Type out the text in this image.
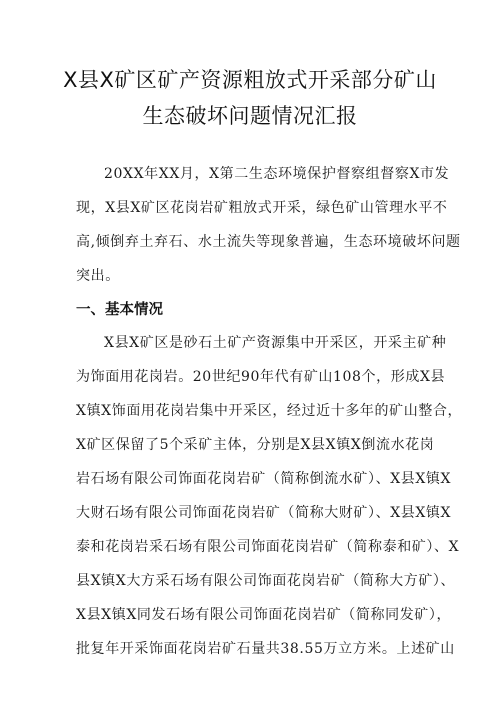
X县X矿区矿产资源粗放式开采部分矿山
生态破坏问题情况汇报
20XX年XX月，X第二生态环境保护督察组督察X市发
现，X县X矿区花岗岩矿粗放式开采，绿色矿山管理水平不
高,倾倒弃土弃石、水土流失等现象普遍，生态环境破坏问题
突出。
一、基本情况
X县X矿区是砂石土矿产资源集中开采区，开采主矿种
为饰面用花岗岩。20世纪90年代有矿山108个，形成X县
X镇X饰面用花岗岩集中开采区，经过近十多年的矿山整合，
X矿区保留了5个采矿主体，分别是X县X镇X倒流水花岗
岩石场有限公司饰面花岗岩矿（简称倒流水矿）、X县X镇X
大财石场有限公司饰面花岗岩矿（简称大财矿）、X县X镇X
泰和花岗岩采石场有限公司饰面花岗岩矿（简称泰和矿）、X
县X镇X大方采石场有限公司饰面花岗岩矿（简称大方矿）、
X县X镇X同发石场有限公司饰面花岗岩矿（简称同发矿），
批复年开采饰面花岗岩矿石量共38.55万立方米。上述矿山
